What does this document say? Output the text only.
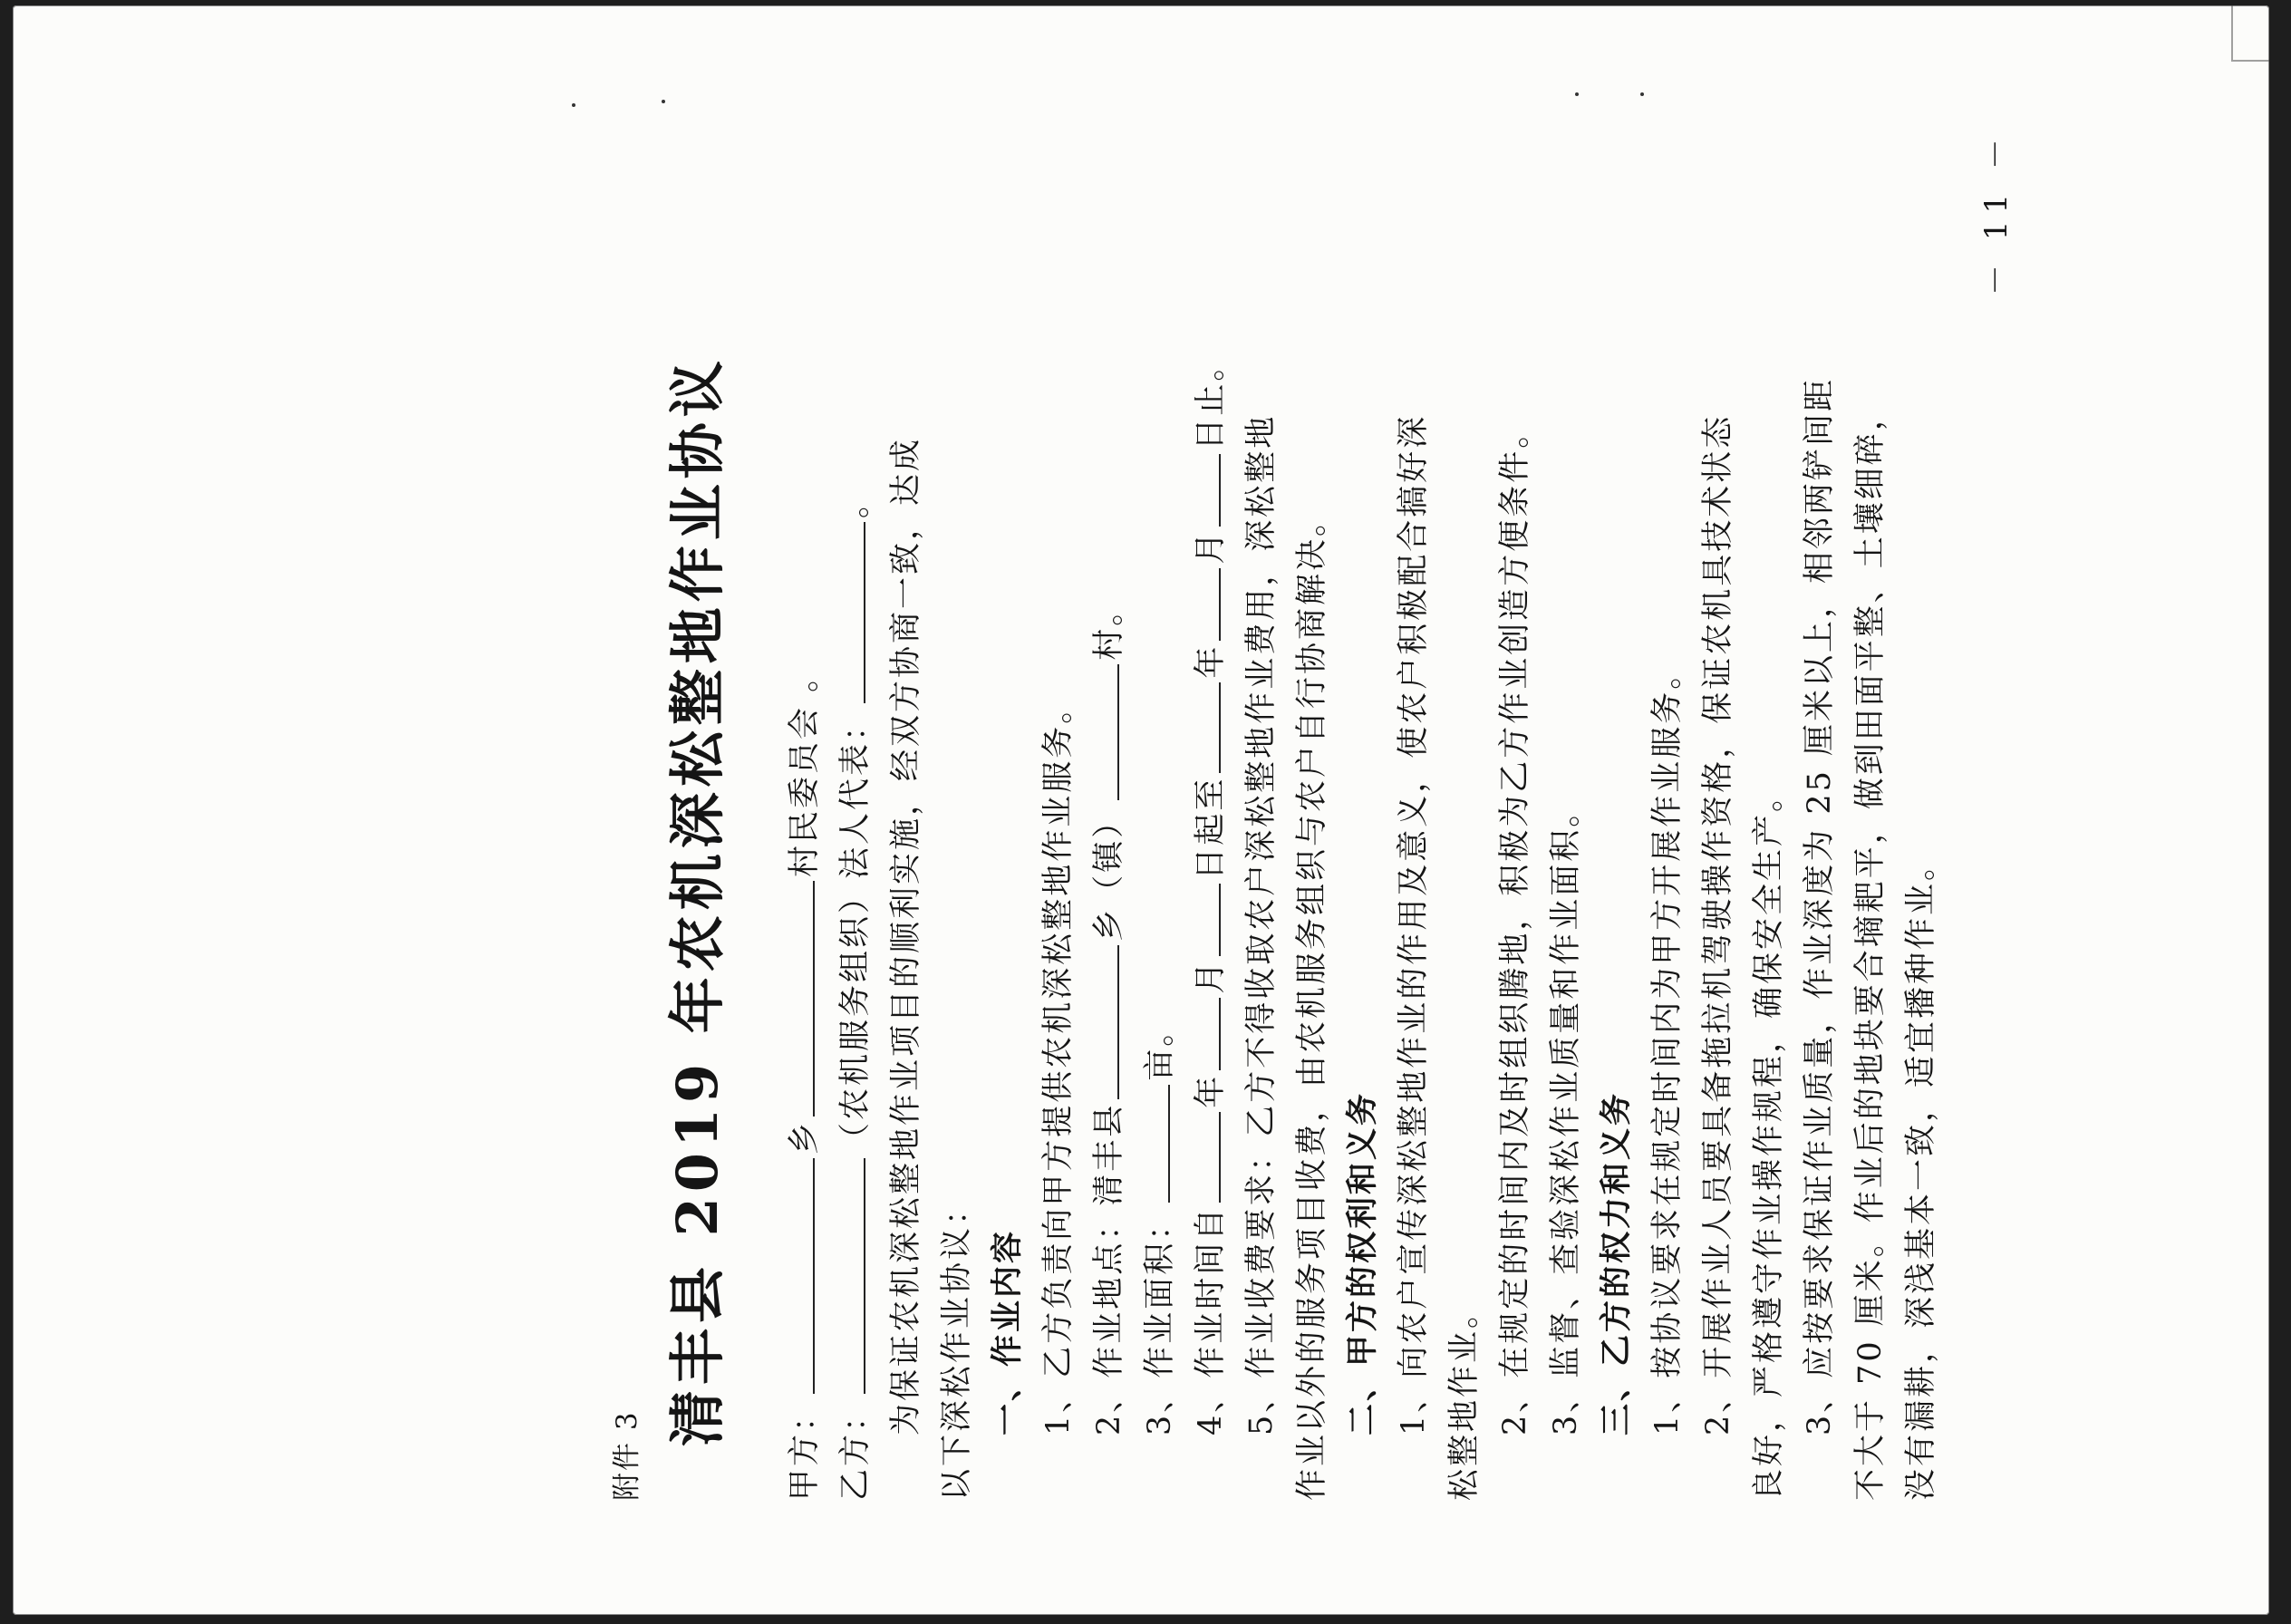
附件 3
清丰县 2019 年农机深松整地作业协议
甲方：乡村民委员会 。
乙方：（农机服务组织）法人代表：。 为保证农机深松整地作业项目的顺利实施，经双方协商一致，达成 以下深松作业协议： 一、作业内容 1、乙方负责向甲方提供农机深松整地作业服务。 2、作业地点：清丰县乡（镇）村。
3、作业面积：亩。
4、作业时间自年月日起至年月日止。
5、作业收费要求：乙方不得收取农户深松整地作业费用，深松整地 作业以外的服务项目收费，由农机服务组织与农户自行协商解决。 二、甲方的权利和义务 1、向农户宣传深松整地作业的作用及意义，使农户积极配合搞好深 松整地作业。 2、在规定的时间内及时组织腾地，积极为乙方作业创造方便条件。 3、监督、查验深松作业质量和作业面积。 三、乙方的权力和义务 1、按协议要求在规定时间内为甲方开展作业服务。 2、开展作业人员要具备拖拉机驾驶操作资格，保证农机具技术状态 良好，严格遵守作业操作规程，确保安全生产。 3、应按要求保证作业质量，作业深度为 25 厘米以上，相邻两铲间距 不大于 70 厘米。作业后的地块要合墒耙平，做到田面平整、土壤细碎， 没有漏耕，深浅基本一致，适宜播种作业。
－ 11 －
